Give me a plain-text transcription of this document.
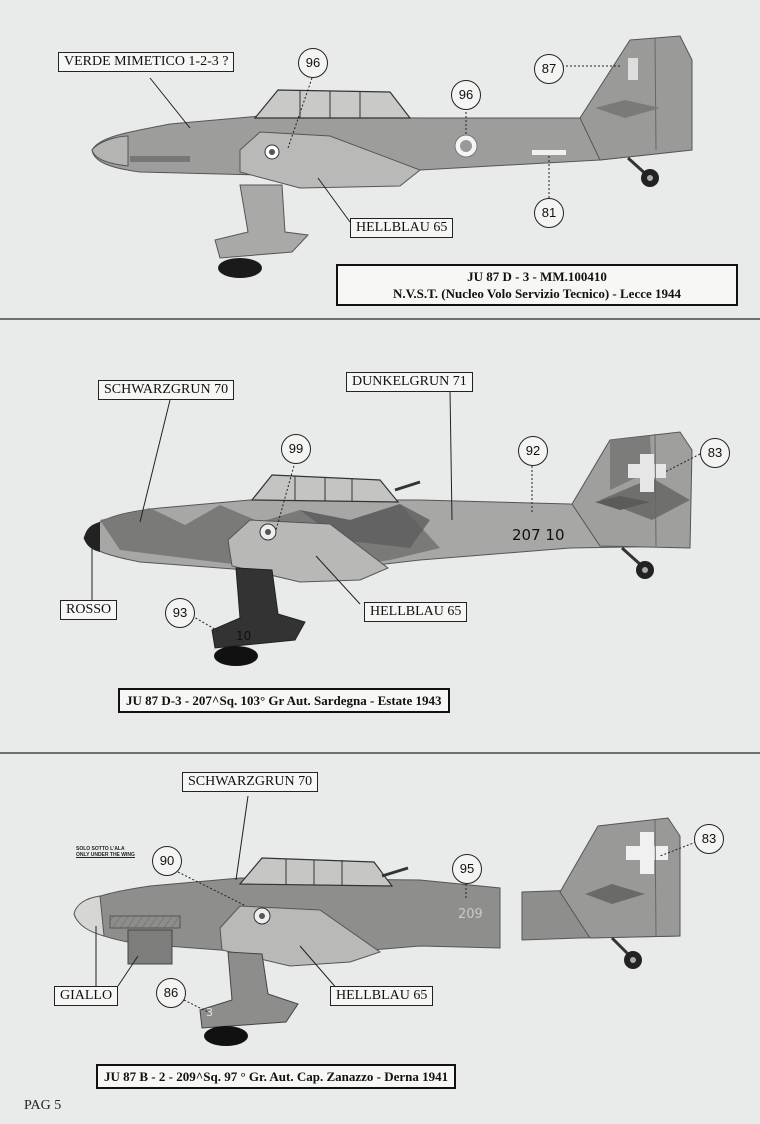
207 10
10
209
3
VERDE MIMETICO 1-2-3 ?	96
96
87
81
HELLBLAU 65
JU 87 D - 3 - MM.100410
N.V.S.T. (Nucleo Volo Servizio Tecnico) - Lecce 1944
SCHWARZGRUN 70
DUNKELGRUN 71
99	92	83
ROSSO	93	HELLBLAU 65
JU 87 D-3 - 207^Sq. 103° Gr Aut. Sardegna - Estate 1943
SCHWARZGRUN 70
SOLO SOTTO L'ALA
ONLY UNDER THE WING	90
95
83
GIALLO	86	HELLBLAU 65
JU 87 B - 2 - 209^Sq. 97 ° Gr. Aut. Cap. Zanazzo - Derna 1941
PAG 5
